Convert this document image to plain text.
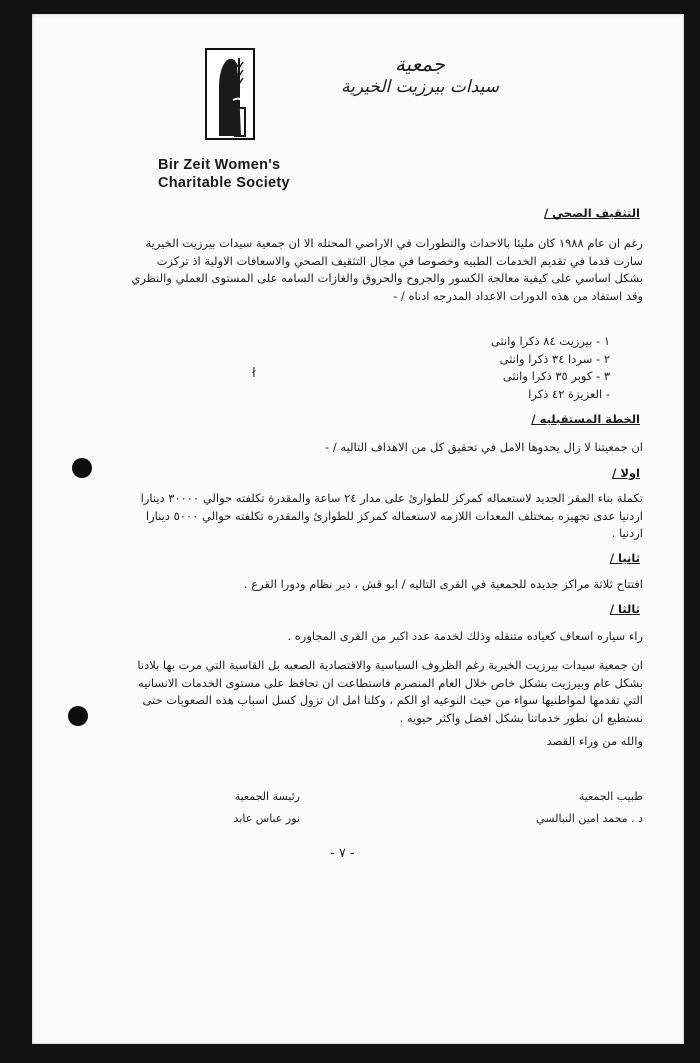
جمعية
سيدات بيرزيت الخيرية
Bir Zeit Women's
Charitable Society
التثقيف الصحي /
رغم ان عام ١٩٨٨ كان مليئا بالاحداث والتطورات في الاراضي المحتله الا ان جمعية سيدات بيرزيت الخيرية سارت قدما في تقديم الخدمات الطبيه وخصوصا في مجال التثقيف الصحي والاسعافات الاولية اذ تركزت بشكل اساسي على كيفية معالجة الكسور والجروح والحروق والغازات السامه على المستوى العملي والنظري وقد استفاد من هذه الدورات الاعداد المدرجه ادناه / -
١ - بيرزيت ٨٤ ذكرا وانثى
٢ - سردا ٣٤ ذكرا وانثى
٣ - كوبر ٣٥ ذكرا وانثى
- العزيزة ٤٢ ذكرا
ł
الخطة المستقبليه /
ان جمعيتنا لا زال يحدوها الامل في تحقيق كل من الاهداف التاليه / -
اولا /
تكملة بناء المقر الجديد لاستعماله كمركز للطوارئ على مدار ٢٤ ساعة والمقدرة تكلفته حوالي ٣٠٠٠٠ دينارا اردنيا عدى تجهيزه بمختلف المعدات اللازمه لاستعماله كمركز للطوارئ والمقدره تكلفته حوالي ٥٠٠٠ دينارا اردنيا .
ثانيا /
افتتاح ثلاثة مراكز جديده للجمعية في القرى التاليه / ابو قش ، دير نظام ودورا القرع .
ثالثا /
راء سياره اسعاف كعياده متنقله وذلك لخدمة عدد اكبر من القرى المجاوره .
ان جمعية سيدات بيرزيت الخيرية رغم الظروف السياسية والاقتصادية الصعبه بل القاسية التي مرت بها بلادنا بشكل عام وبيرزيت بشكل خاص خلال العام المنصرم فاستطاعت ان تحافظ على مستوى الخدمات الانسانيه التي تقدمها لمواطنيها سواء من حيث النوعيه او الكم ، وكلنا امل ان تزول كسل اسباب هذه الصعوبات حتى نستطيع ان نطور خدماتنا بشكل افضل واكثر حيويه .
والله من وراء القصد
طبيب الجمعية
د . محمد امين النبالسي
رئيسة الجمعية
نور عباس عابد
- ٧ -
